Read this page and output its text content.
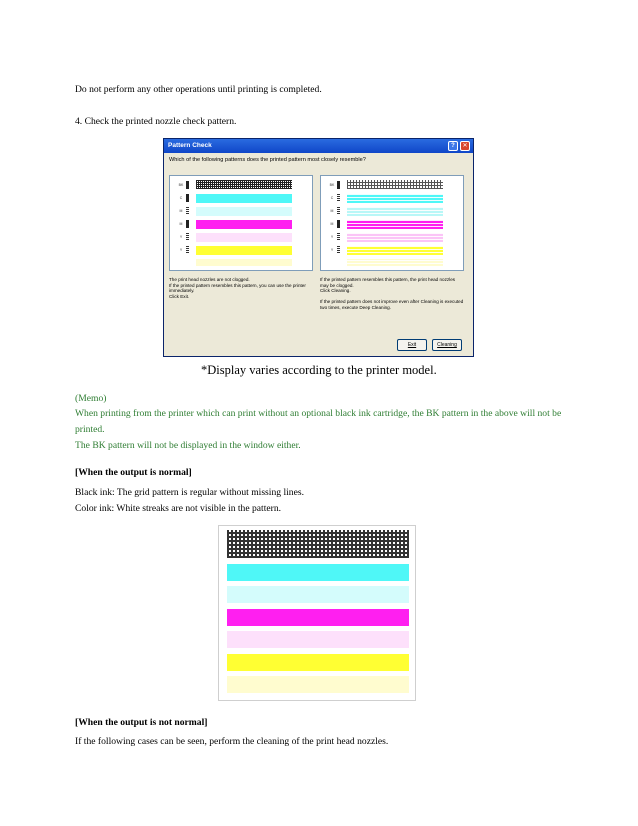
Do not perform any other operations until printing is completed.
4. Check the printed nozzle check pattern.
Pattern Check	?	✕
Which of the following patterns does the printed pattern most closely resemble?
BK
C
M
M
Y
Y
BK
C
M
M
Y
Y
The print head nozzles are not clogged.
If the printed pattern resembles this pattern, you can use the printer immediately.
Click Exit.
If the printed pattern resembles this pattern, the print head nozzles may be clogged.
Click Cleaning.

If the printed pattern does not improve even after Cleaning is executed two times, execute Deep Cleaning.
Exit	Cleaning
*Display varies according to the printer model.
(Memo)
When printing from the printer which can print without an optional black ink cartridge, the BK pattern in the above will not be printed.
The BK pattern will not be displayed in the window either.
[When the output is normal]
Black ink: The grid pattern is regular without missing lines.
Color ink: White streaks are not visible in the pattern.
[When the output is not normal]
If the following cases can be seen, perform the cleaning of the print head nozzles.
